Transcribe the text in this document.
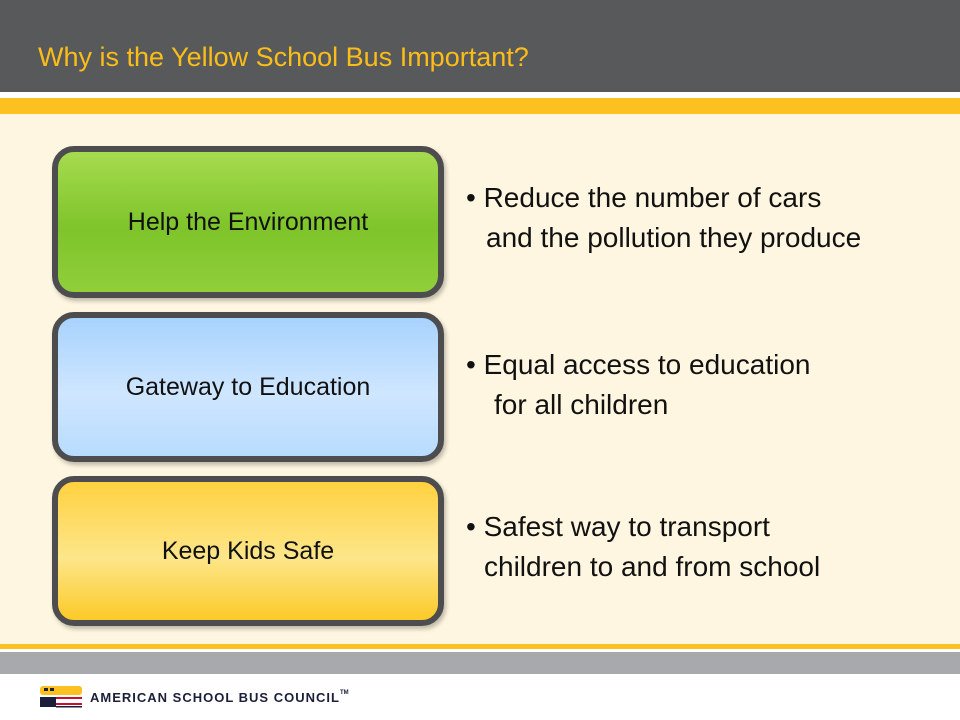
Why is the Yellow School Bus Important?
Help the Environment
• Reduce the number of cars
and the pollution they produce
Gateway to Education
• Equal access to education
for all children
Keep Kids Safe
• Safest way to transport
children to and from school
AMERICAN SCHOOL BUS COUNCIL™
